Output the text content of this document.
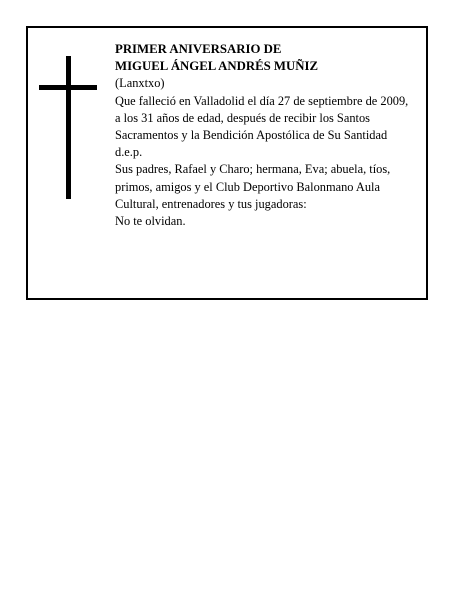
PRIMER ANIVERSARIO DE

MIGUEL ÁNGEL ANDRÉS MUÑIZ

(Lanxtxo)

Que falleció en Valladolid el día 27 de septiembre de 2009, a los 31 años de edad, después de recibir los Santos Sacramentos y la Bendición Apostólica de Su Santidad

d.e.p.

Sus padres, Rafael y Charo; hermana, Eva; abuela, tíos, primos, amigos y el Club Deportivo Balonmano Aula Cultural, entrenadores y tus jugadoras:

No te olvidan.
